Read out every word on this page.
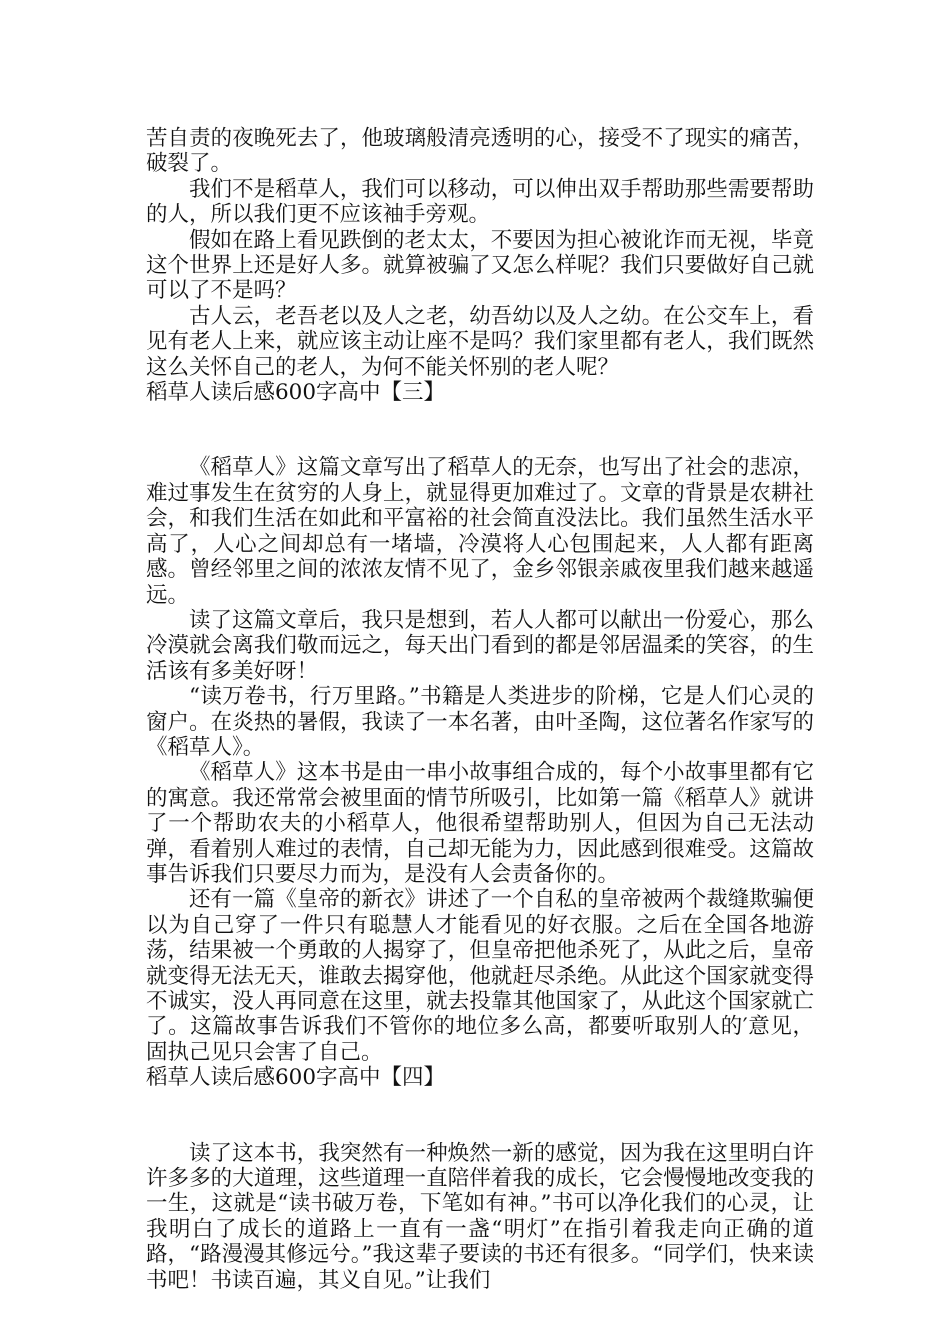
苦自责的夜晚死去了，他玻璃般清亮透明的心，接受不了现实的痛苦，破裂了。

我们不是稻草人，我们可以移动，可以伸出双手帮助那些需要帮助的人，所以我们更不应该袖手旁观。

假如在路上看见跌倒的老太太，不要因为担心被讹诈而无视，毕竟这个世界上还是好人多。就算被骗了又怎么样呢？我们只要做好自己就可以了不是吗？

古人云，老吾老以及人之老，幼吾幼以及人之幼。在公交车上，看见有老人上来，就应该主动让座不是吗？我们家里都有老人，我们既然这么关怀自己的老人，为何不能关怀别的老人呢？

稻草人读后感600字高中【三】

《稻草人》这篇文章写出了稻草人的无奈，也写出了社会的悲凉，难过事发生在贫穷的人身上，就显得更加难过了。文章的背景是农耕社会，和我们生活在如此和平富裕的社会简直没法比。我们虽然生活水平高了，人心之间却总有一堵墙，冷漠将人心包围起来，人人都有距离感。曾经邻里之间的浓浓友情不见了，金乡邻银亲戚夜里我们越来越遥远。

读了这篇文章后，我只是想到，若人人都可以献出一份爱心，那么冷漠就会离我们敬而远之，每天出门看到的都是邻居温柔的笑容，的生活该有多美好呀！

“读万卷书，行万里路。”书籍是人类进步的阶梯，它是人们心灵的窗户。在炎热的暑假，我读了一本名著，由叶圣陶，这位著名作家写的《稻草人》。

《稻草人》这本书是由一串小故事组合成的，每个小故事里都有它的寓意。我还常常会被里面的情节所吸引，比如第一篇《稻草人》就讲了一个帮助农夫的小稻草人，他很希望帮助别人，但因为自己无法动弹，看着别人难过的表情，自己却无能为力，因此感到很难受。这篇故事告诉我们只要尽力而为，是没有人会责备你的。

还有一篇《皇帝的新衣》讲述了一个自私的皇帝被两个裁缝欺骗便以为自己穿了一件只有聪慧人才能看见的好衣服。之后在全国各地游荡，结果被一个勇敢的人揭穿了，但皇帝把他杀死了，从此之后，皇帝就变得无法无天，谁敢去揭穿他，他就赶尽杀绝。从此这个国家就变得不诚实，没人再同意在这里，就去投靠其他国家了，从此这个国家就亡了。这篇故事告诉我们不管你的地位多么高，都要听取别人的′意见，固执己见只会害了自己。

稻草人读后感600字高中【四】

读了这本书，我突然有一种焕然一新的感觉，因为我在这里明白许许多多的大道理，这些道理一直陪伴着我的成长，它会慢慢地改变我的一生，这就是“读书破万卷，下笔如有神。”书可以净化我们的心灵，让我明白了成长的道路上一直有一盏“明灯”在指引着我走向正确的道路，“路漫漫其修远兮。”我这辈子要读的书还有很多。“同学们，快来读书吧！书读百遍，其义自见。”让我们
